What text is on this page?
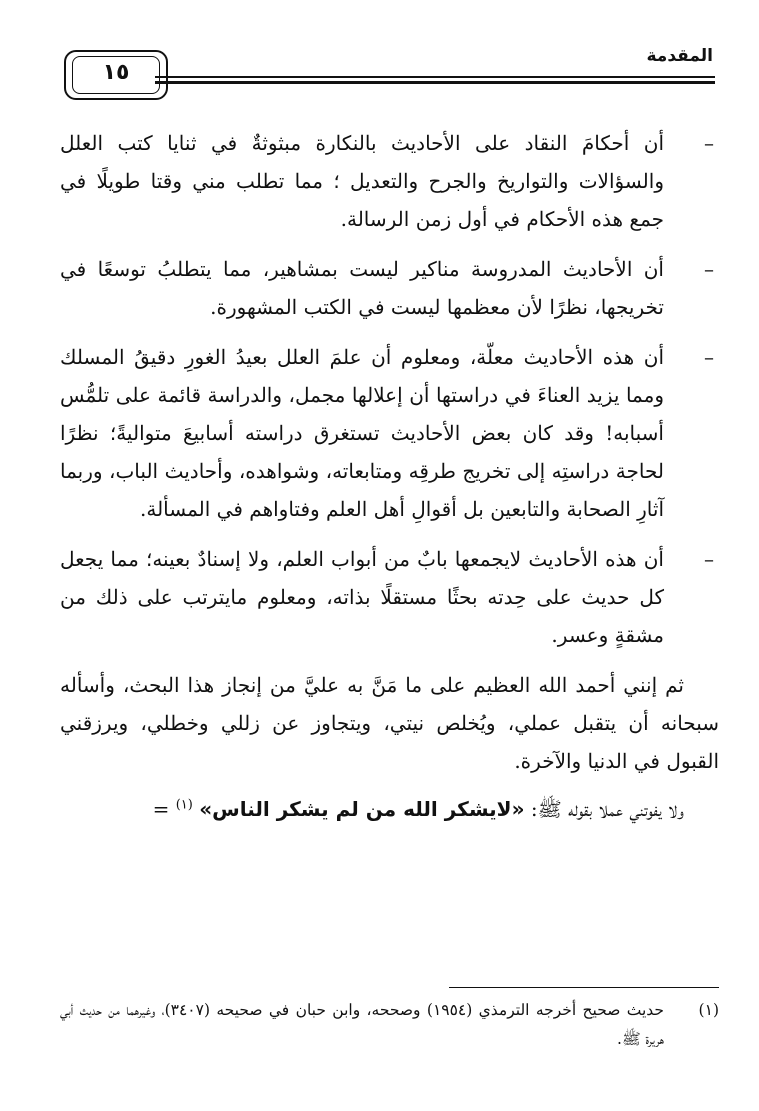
المقدمة
١٥
–
أن أحكامَ النقاد على الأحاديث بالنكارة مبثوثةٌ في ثنايا كتب العلل والسؤالات والتواريخ والجرح والتعديل ؛ مما تطلب مني وقتا طويلًا في جمع هذه الأحكام في أول زمن الرسالة.
–
أن الأحاديث المدروسة مناكير ليست بمشاهير، مما يتطلبُ توسعًا في تخريجها، نظرًا لأن معظمها ليست في الكتب المشهورة.
–
أن هذه الأحاديث معلّة، ومعلوم أن علمَ العلل بعيدُ الغورِ دقيقُ المسلك ومما يزيد العناءَ في دراستها أن إعلالها مجمل، والدراسة قائمة على تلمُّس أسبابه! وقد كان بعض الأحاديث تستغرق دراسته أسابيعَ متواليةً؛ نظرًا لحاجة دراستِه إلى تخريج طرقِه ومتابعاته، وشواهده، وأحاديث الباب، وربما آثارِ الصحابة والتابعين بل أقوالِ أهل العلم وفتاواهم في المسألة.
–
أن هذه الأحاديث لايجمعها بابٌ من أبواب العلم، ولا إسنادٌ بعينه؛ مما يجعل كل حديث على حِدته بحثًا مستقلًا بذاته، ومعلوم مايترتب على ذلك من مشقةٍ وعسر.
ثم إنني أحمد الله العظيم على ما مَنَّ به عليَّ من إنجاز هذا البحث، وأسأله سبحانه أن يتقبل عملي، ويُخلص نيتي، ويتجاوز عن زللي وخطلي، ويرزقني القبول في الدنيا والآخرة.
ولا يفوتني عملا بقوله ﷺ: «لايشكر الله من لم يشكر الناس» $^{(١)}$ =
(١)
حديث صحيح أخرجه الترمذي (١٩٥٤) وصححه، وابن حبان في صحيحه (٣٤٠٧)، وغيرهما من حديث أبي هريرة ﷺ.
